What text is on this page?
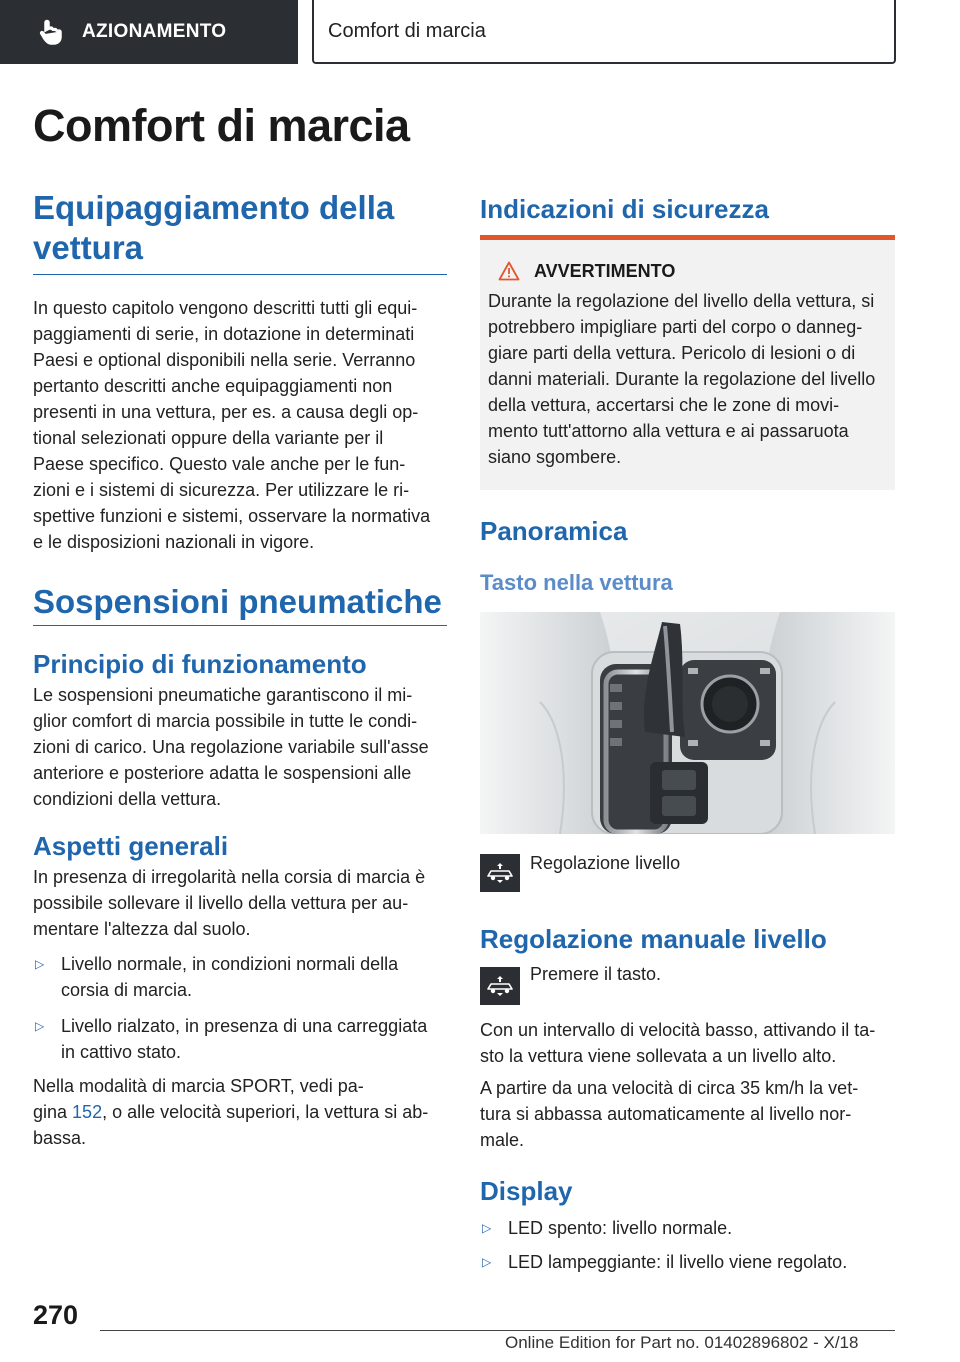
AZIONAMENTO	Comfort di marcia
Comfort di marcia
Equipaggiamento della
vettura
In questo capitolo vengono descritti tutti gli equi-
paggiamenti di serie, in dotazione in determinati
Paesi e optional disponibili nella serie. Verranno
pertanto descritti anche equipaggiamenti non
presenti in una vettura, per es. a causa degli op-
tional selezionati oppure della variante per il
Paese specifico. Questo vale anche per le fun-
zioni e i sistemi di sicurezza. Per utilizzare le ri-
spettive funzioni e sistemi, osservare la normativa
e le disposizioni nazionali in vigore.
Sospensioni pneumatiche
Principio di funzionamento
Le sospensioni pneumatiche garantiscono il mi-
glior comfort di marcia possibile in tutte le condi-
zioni di carico. Una regolazione variabile sull'asse
anteriore e posteriore adatta le sospensioni alle
condizioni della vettura.
Aspetti generali
In presenza di irregolarità nella corsia di marcia è
possibile sollevare il livello della vettura per au-
mentare l'altezza dal suolo.
▷ Livello normale, in condizioni normali della
corsia di marcia.
▷ Livello rialzato, in presenza di una carreggiata
in cattivo stato.
Nella modalità di marcia SPORT, vedi pa-
gina 152, o alle velocità superiori, la vettura si ab-
bassa.
Indicazioni di sicurezza
AVVERTIMENTO
Durante la regolazione del livello della vettura, si
potrebbero impigliare parti del corpo o danneg-
giare parti della vettura. Pericolo di lesioni o di
danni materiali. Durante la regolazione del livello
della vettura, accertarsi che le zone di movi-
mento tutt'attorno alla vettura e ai passaruota
siano sgombere.
Panoramica
Tasto nella vettura
Regolazione livello
Regolazione manuale livello
Premere il tasto.
Con un intervallo di velocità basso, attivando il ta-
sto la vettura viene sollevata a un livello alto.
A partire da una velocità di circa 35 km/h la vet-
tura si abbassa automaticamente al livello nor-
male.
Display
▷ LED spento: livello normale.
▷ LED lampeggiante: il livello viene regolato.
270
Online Edition for Part no. 01402896802 - X/18
